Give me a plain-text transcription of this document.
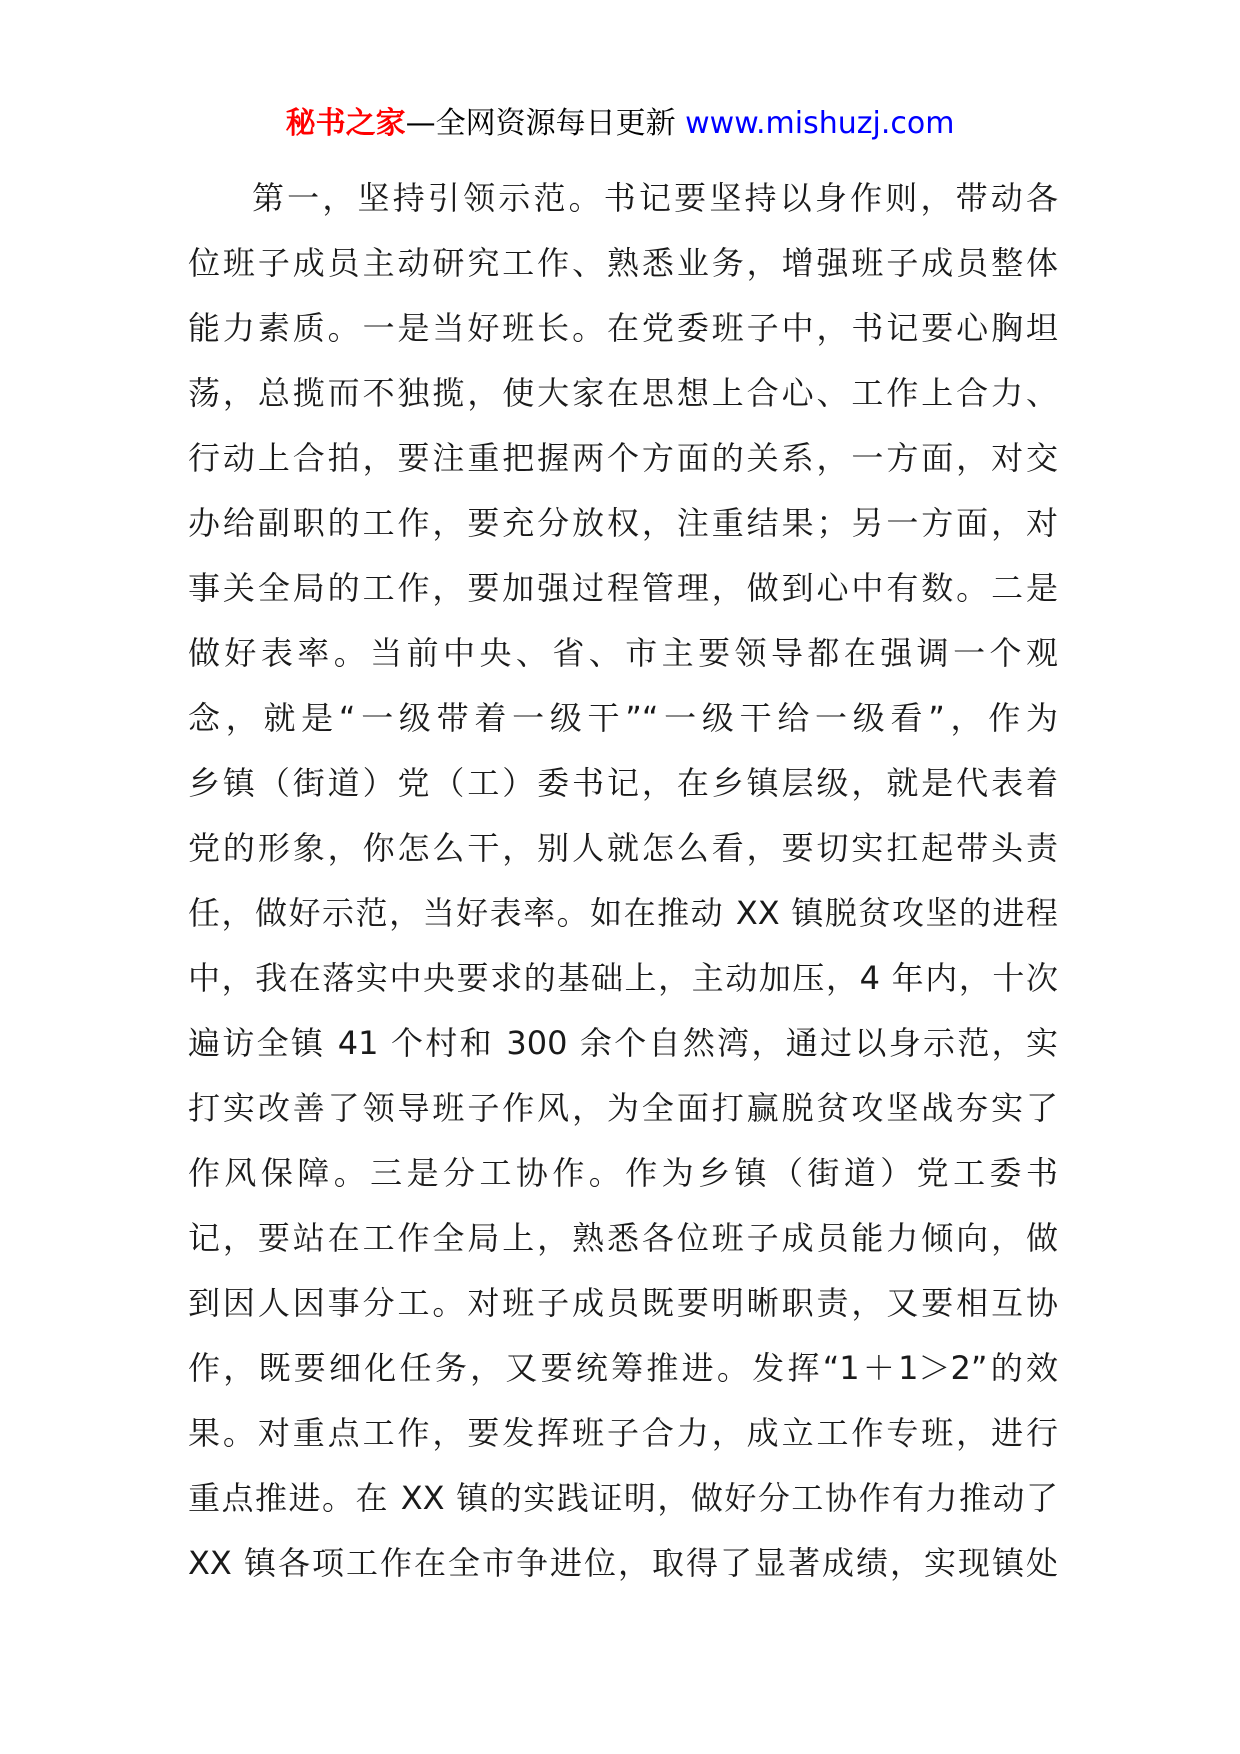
秘书之家—全网资源每日更新 www.mishuzj.com
第一，坚持引领示范。书记要坚持以身作则，带动各
位班子成员主动研究工作、熟悉业务，增强班子成员整体
能力素质。一是当好班长。在党委班子中，书记要心胸坦
荡，总揽而不独揽，使大家在思想上合心、工作上合力、
行动上合拍，要注重把握两个方面的关系，一方面，对交
办给副职的工作，要充分放权，注重结果；另一方面，对
事关全局的工作，要加强过程管理，做到心中有数。二是
做好表率。当前中央、省、市主要领导都在强调一个观
念，就是“一级带着一级干”“一级干给一级看”，作为
乡镇（街道）党（工）委书记，在乡镇层级，就是代表着
党的形象，你怎么干，别人就怎么看，要切实扛起带头责
任，做好示范，当好表率。如在推动 XX 镇脱贫攻坚的进程
中，我在落实中央要求的基础上，主动加压，4 年内，十次
遍访全镇 41 个村和 300 余个自然湾，通过以身示范，实
打实改善了领导班子作风，为全面打赢脱贫攻坚战夯实了
作风保障。三是分工协作。作为乡镇（街道）党工委书
记，要站在工作全局上，熟悉各位班子成员能力倾向，做
到因人因事分工。对班子成员既要明晰职责，又要相互协
作，既要细化任务，又要统筹推进。发挥“1＋1＞2”的效
果。对重点工作，要发挥班子合力，成立工作专班，进行
重点推进。在 XX 镇的实践证明，做好分工协作有力推动了
XX 镇各项工作在全市争进位，取得了显著成绩，实现镇处
